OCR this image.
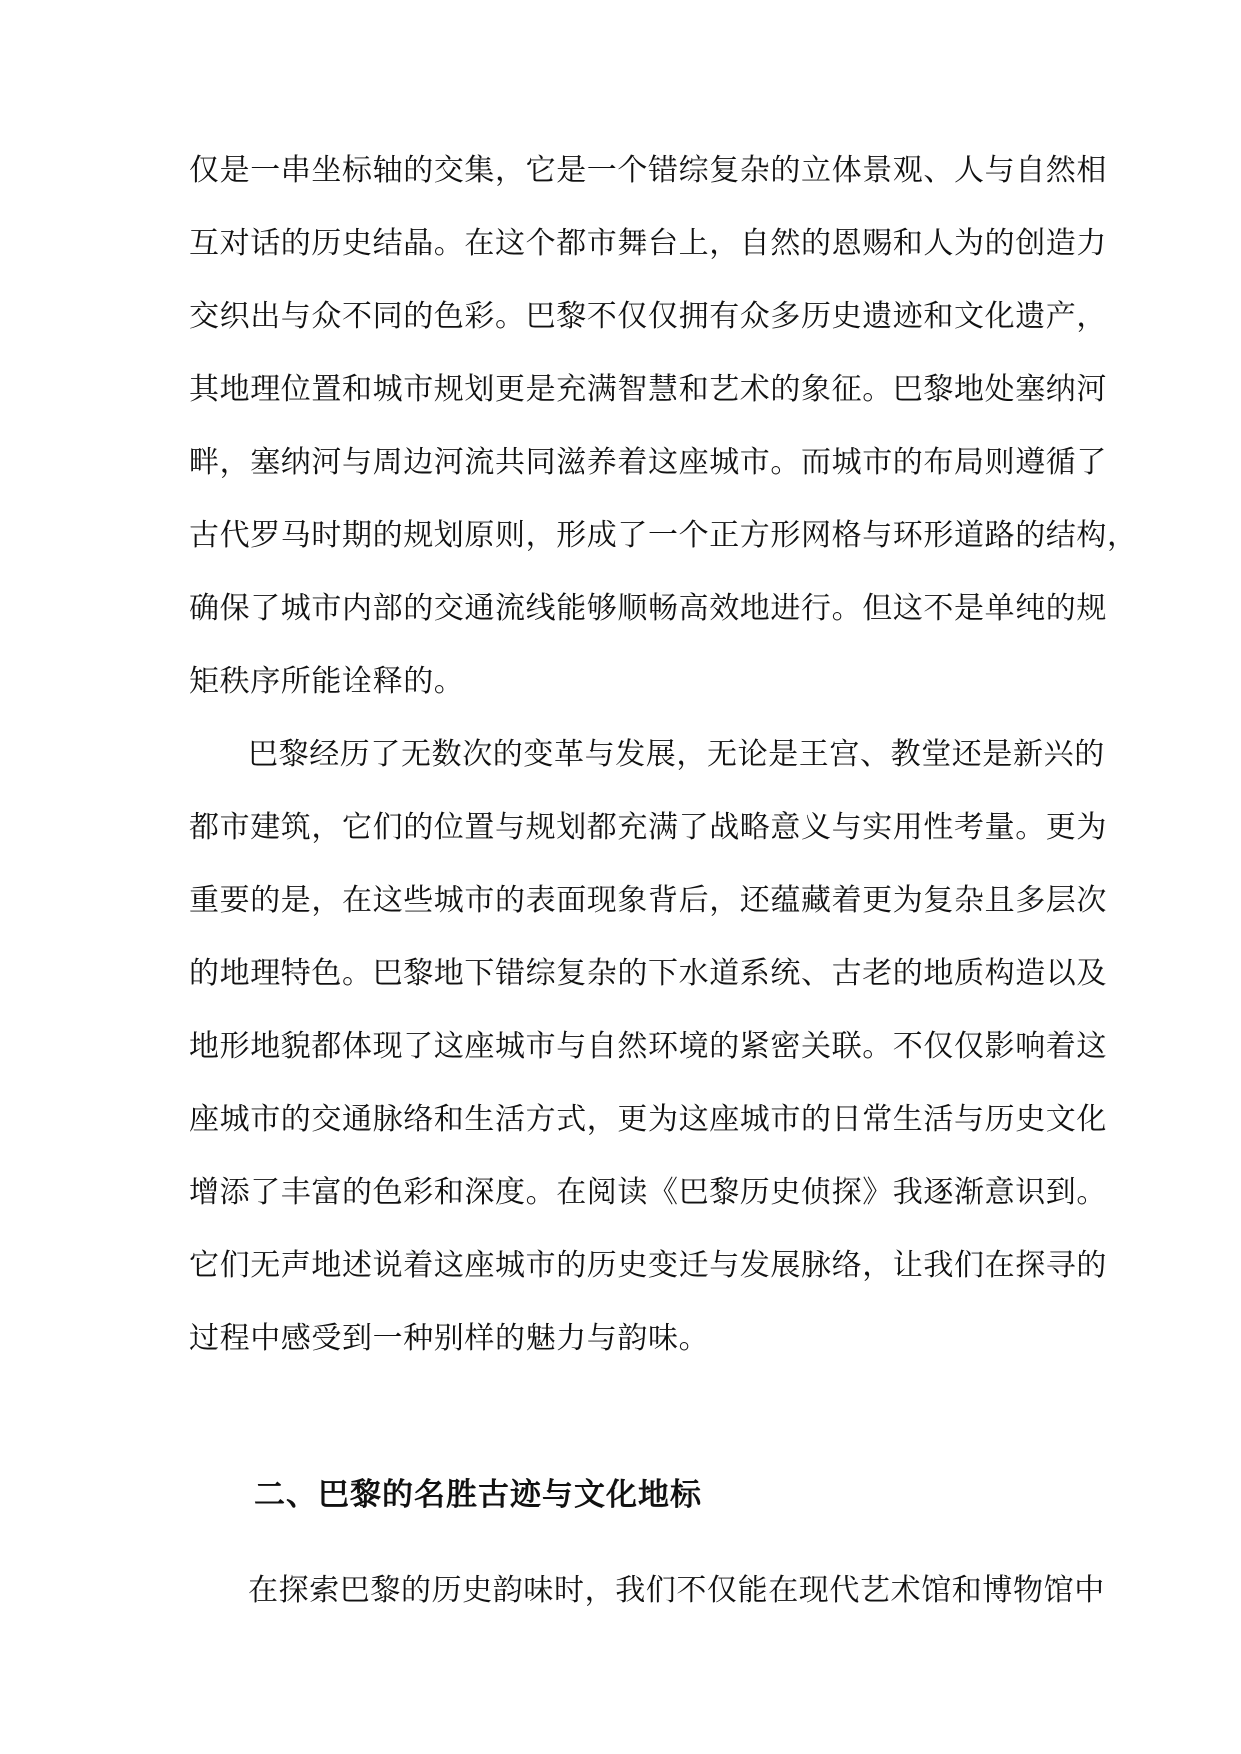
仅是一串坐标轴的交集，它是一个错综复杂的立体景观、人与自然相
互对话的历史结晶。在这个都市舞台上，自然的恩赐和人为的创造力
交织出与众不同的色彩。巴黎不仅仅拥有众多历史遗迹和文化遗产，
其地理位置和城市规划更是充满智慧和艺术的象征。巴黎地处塞纳河
畔，塞纳河与周边河流共同滋养着这座城市。而城市的布局则遵循了
古代罗马时期的规划原则，形成了一个正方形网格与环形道路的结构，
确保了城市内部的交通流线能够顺畅高效地进行。但这不是单纯的规
矩秩序所能诠释的。
巴黎经历了无数次的变革与发展，无论是王宫、教堂还是新兴的
都市建筑，它们的位置与规划都充满了战略意义与实用性考量。更为
重要的是，在这些城市的表面现象背后，还蕴藏着更为复杂且多层次
的地理特色。巴黎地下错综复杂的下水道系统、古老的地质构造以及
地形地貌都体现了这座城市与自然环境的紧密关联。不仅仅影响着这
座城市的交通脉络和生活方式，更为这座城市的日常生活与历史文化
增添了丰富的色彩和深度。在阅读《巴黎历史侦探》我逐渐意识到。
它们无声地述说着这座城市的历史变迁与发展脉络，让我们在探寻的
过程中感受到一种别样的魅力与韵味。
二、巴黎的名胜古迹与文化地标
在探索巴黎的历史韵味时，我们不仅能在现代艺术馆和博物馆中
